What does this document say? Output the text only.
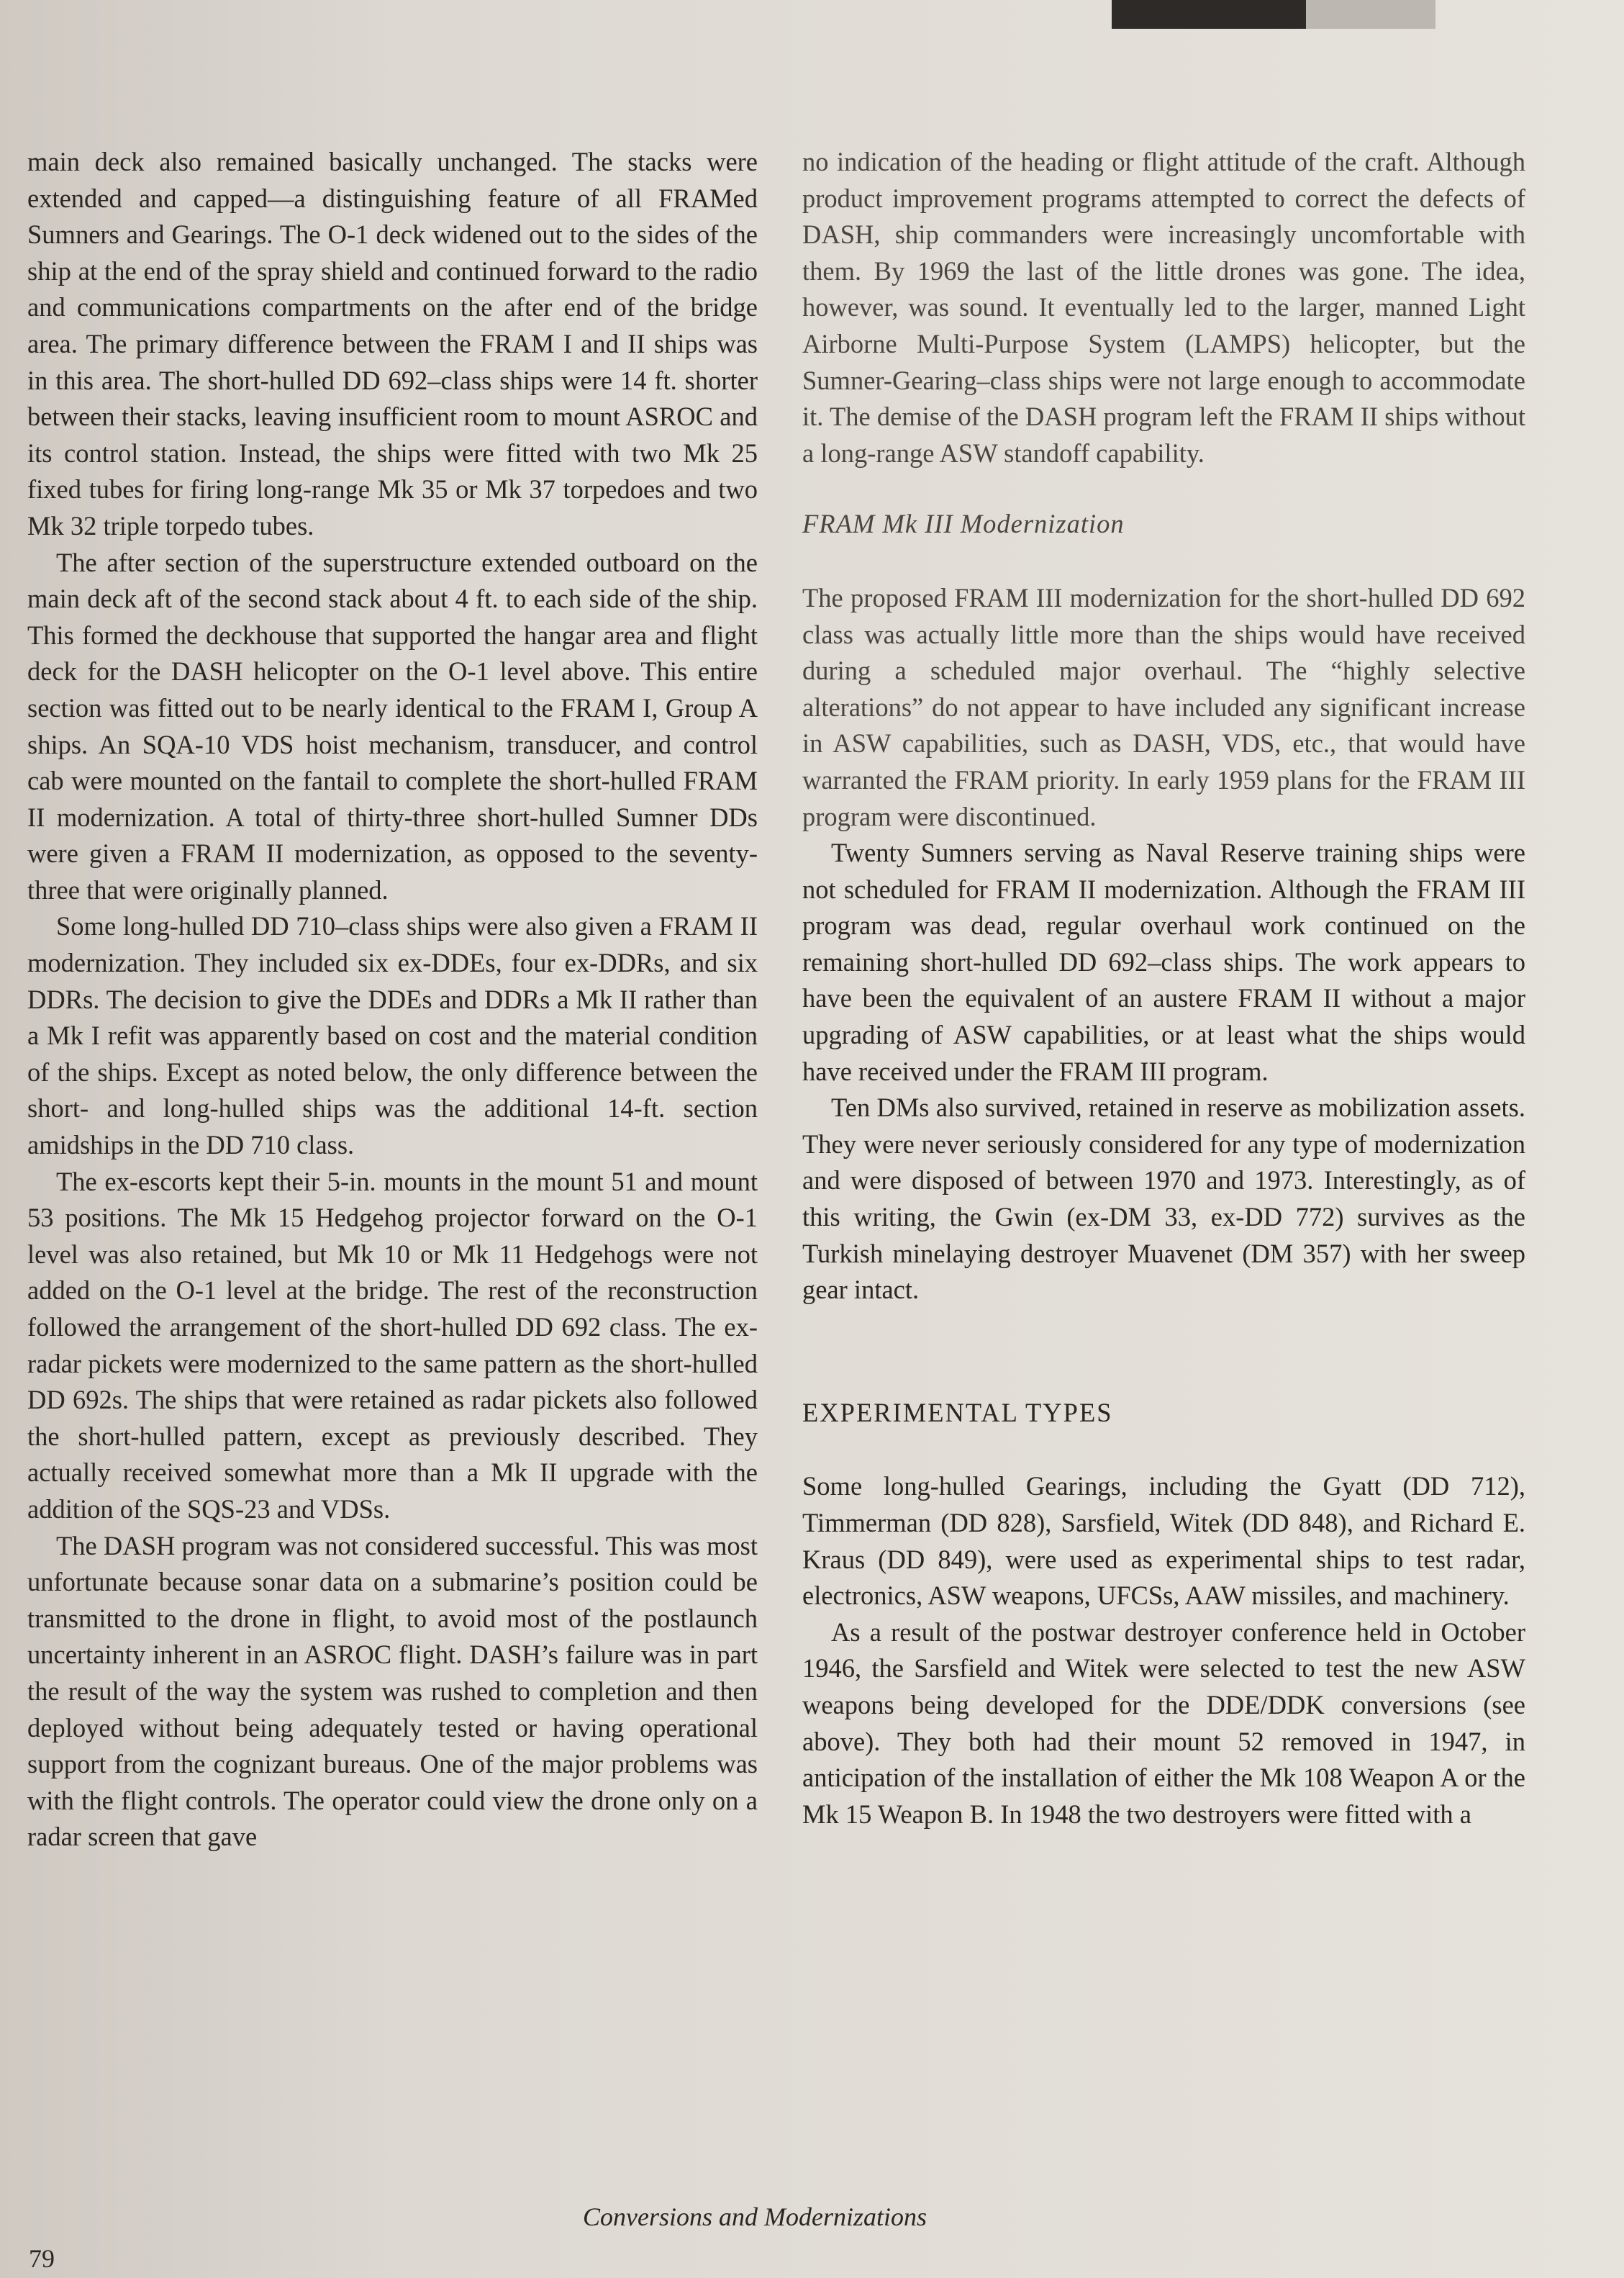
main deck also remained basically unchanged. The stacks were extended and capped—a distinguishing feature of all FRAMed Sumners and Gearings. The O-1 deck widened out to the sides of the ship at the end of the spray shield and continued forward to the radio and communications compartments on the after end of the bridge area. The primary difference between the FRAM I and II ships was in this area. The short-hulled DD 692–class ships were 14 ft. shorter between their stacks, leaving insufficient room to mount ASROC and its control station. Instead, the ships were fitted with two Mk 25 fixed tubes for firing long-range Mk 35 or Mk 37 torpedoes and two Mk 32 triple torpedo tubes.

The after section of the superstructure extended outboard on the main deck aft of the second stack about 4 ft. to each side of the ship. This formed the deckhouse that supported the hangar area and flight deck for the DASH helicopter on the O-1 level above. This entire section was fitted out to be nearly identical to the FRAM I, Group A ships. An SQA-10 VDS hoist mechanism, transducer, and control cab were mounted on the fantail to complete the short-hulled FRAM II modernization. A total of thirty-three short-hulled Sumner DDs were given a FRAM II modernization, as opposed to the seventy-three that were originally planned.

Some long-hulled DD 710–class ships were also given a FRAM II modernization. They included six ex-DDEs, four ex-DDRs, and six DDRs. The decision to give the DDEs and DDRs a Mk II rather than a Mk I refit was apparently based on cost and the material condition of the ships. Except as noted below, the only difference between the short- and long-hulled ships was the additional 14-ft. section amidships in the DD 710 class.

The ex-escorts kept their 5-in. mounts in the mount 51 and mount 53 positions. The Mk 15 Hedgehog projector forward on the O-1 level was also retained, but Mk 10 or Mk 11 Hedgehogs were not added on the O-1 level at the bridge. The rest of the reconstruction followed the arrangement of the short-hulled DD 692 class. The ex-radar pickets were modernized to the same pattern as the short-hulled DD 692s. The ships that were retained as radar pickets also followed the short-hulled pattern, except as previously described. They actually received somewhat more than a Mk II upgrade with the addition of the SQS-23 and VDSs.

The DASH program was not considered successful. This was most unfortunate because sonar data on a submarine’s position could be transmitted to the drone in flight, to avoid most of the postlaunch uncertainty inherent in an ASROC flight. DASH’s failure was in part the result of the way the system was rushed to completion and then deployed without being adequately tested or having operational support from the cognizant bureaus. One of the major problems was with the flight controls. The operator could view the drone only on a radar screen that gave

no indication of the heading or flight attitude of the craft. Although product improvement programs attempted to correct the defects of DASH, ship commanders were increasingly uncomfortable with them. By 1969 the last of the little drones was gone. The idea, however, was sound. It eventually led to the larger, manned Light Airborne Multi-Purpose System (LAMPS) helicopter, but the Sumner-Gearing–class ships were not large enough to accommodate it. The demise of the DASH program left the FRAM II ships without a long-range ASW standoff capability.

FRAM Mk III Modernization

The proposed FRAM III modernization for the short-hulled DD 692 class was actually little more than the ships would have received during a scheduled major overhaul. The “highly selective alterations” do not appear to have included any significant increase in ASW capabilities, such as DASH, VDS, etc., that would have warranted the FRAM priority. In early 1959 plans for the FRAM III program were discontinued.

Twenty Sumners serving as Naval Reserve training ships were not scheduled for FRAM II modernization. Although the FRAM III program was dead, regular overhaul work continued on the remaining short-hulled DD 692–class ships. The work appears to have been the equivalent of an austere FRAM II without a major upgrading of ASW capabilities, or at least what the ships would have received under the FRAM III program.

Ten DMs also survived, retained in reserve as mobilization assets. They were never seriously considered for any type of modernization and were disposed of between 1970 and 1973. Interestingly, as of this writing, the Gwin (ex-DM 33, ex-DD 772) survives as the Turkish minelaying destroyer Muavenet (DM 357) with her sweep gear intact.

EXPERIMENTAL TYPES

Some long-hulled Gearings, including the Gyatt (DD 712), Timmerman (DD 828), Sarsfield, Witek (DD 848), and Richard E. Kraus (DD 849), were used as experimental ships to test radar, electronics, ASW weapons, UFCSs, AAW missiles, and machinery.

As a result of the postwar destroyer conference held in October 1946, the Sarsfield and Witek were selected to test the new ASW weapons being developed for the DDE/DDK conversions (see above). They both had their mount 52 removed in 1947, in anticipation of the installation of either the Mk 108 Weapon A or the Mk 15 Weapon B. In 1948 the two destroyers were fitted with a

Conversions and Modernizations
79
